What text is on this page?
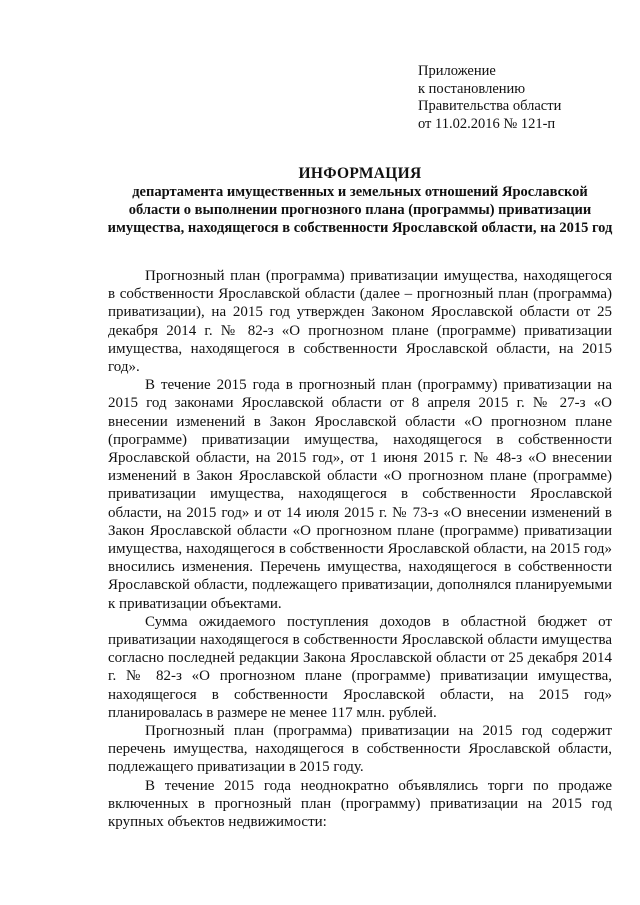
Приложение
к постановлению
Правительства области
от 11.02.2016 № 121-п
ИНФОРМАЦИЯ
департамента имущественных и земельных отношений Ярославской области о выполнении прогнозного плана (программы) приватизации имущества, находящегося в собственности Ярославской области, на 2015 год

Прогнозный план (программа) приватизации имущества, находящегося в собственности Ярославской области (далее – прогнозный план (программа) приватизации), на 2015 год утвержден Законом Ярославской области от 25 декабря 2014 г. № 82-з «О прогнозном плане (программе) приватизации имущества, находящегося в собственности Ярославской области, на 2015 год».

В течение 2015 года в прогнозный план (программу) приватизации на 2015 год законами Ярославской области от 8 апреля 2015 г. № 27-з «О внесении изменений в Закон Ярославской области «О прогнозном плане (программе) приватизации имущества, находящегося в собственности Ярославской области, на 2015 год», от 1 июня 2015 г. № 48-з «О внесении изменений в Закон Ярославской области «О прогнозном плане (программе) приватизации имущества, находящегося в собственности Ярославской области, на 2015 год» и от 14 июля 2015 г. № 73-з «О внесении изменений в Закон Ярославской области «О прогнозном плане (программе) приватизации имущества, находящегося в собственности Ярославской области, на 2015 год» вносились изменения. Перечень имущества, находящегося в собственности Ярославской области, подлежащего приватизации, дополнялся планируемыми к приватизации объектами.

Сумма ожидаемого поступления доходов в областной бюджет от приватизации находящегося в собственности Ярославской области имущества согласно последней редакции Закона Ярославской области от 25 декабря 2014 г. № 82-з «О прогнозном плане (программе) приватизации имущества, находящегося в собственности Ярославской области, на 2015 год» планировалась в размере не менее 117 млн. рублей.

Прогнозный план (программа) приватизации на 2015 год содержит перечень имущества, находящегося в собственности Ярославской области, подлежащего приватизации в 2015 году.

В течение 2015 года неоднократно объявлялись торги по продаже включенных в прогнозный план (программу) приватизации на 2015 год крупных объектов недвижимости:
